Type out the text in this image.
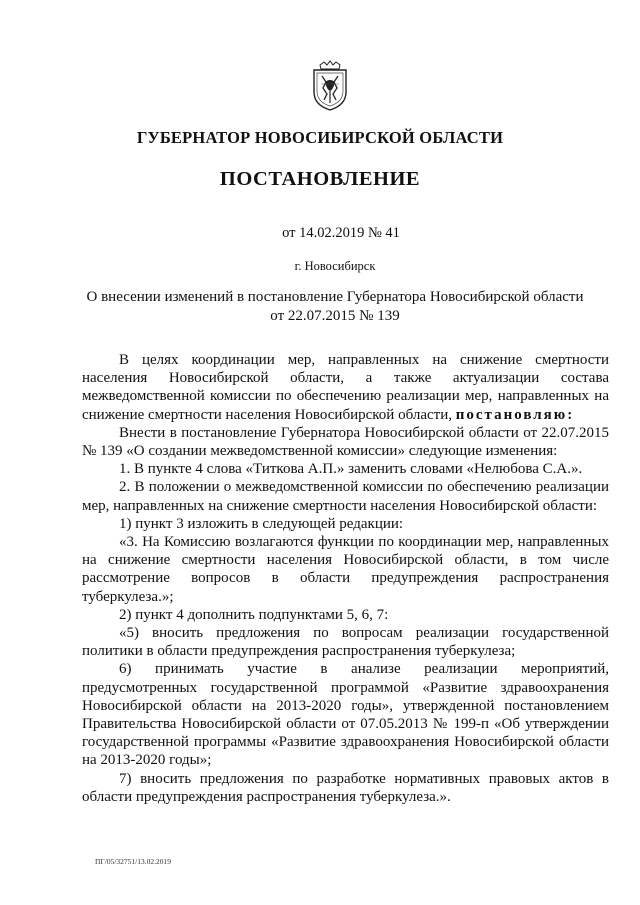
ГУБЕРНАТОР НОВОСИБИРСКОЙ ОБЛАСТИ
ПОСТАНОВЛЕНИЕ
от 14.02.2019 № 41
г. Новосибирск
О внесении изменений в постановление Губернатора Новосибирской области
от 22.07.2015 № 139

В целях координации мер, направленных на снижение смертности населения Новосибирской области, а также актуализации состава межведомственной комиссии по обеспечению реализации мер, направленных на снижение смертности населения Новосибирской области, постановляю:

Внести в постановление Губернатора Новосибирской области от 22.07.2015 № 139 «О создании межведомственной комиссии» следующие изменения:

1. В пункте 4 слова «Титкова А.П.» заменить словами «Нелюбова С.А.».

2. В положении о межведомственной комиссии по обеспечению реализации мер, направленных на снижение смертности населения Новосибирской области:

1) пункт 3 изложить в следующей редакции:

«3. На Комиссию возлагаются функции по координации мер, направленных на снижение смертности населения Новосибирской области, в том числе рассмотрение вопросов в области предупреждения распространения туберкулеза.»;

2) пункт 4 дополнить подпунктами 5, 6, 7:

«5) вносить предложения по вопросам реализации государственной политики в области предупреждения распространения туберкулеза;

6) принимать участие в анализе реализации мероприятий, предусмотренных государственной программой «Развитие здравоохранения Новосибирской области на 2013-2020 годы», утвержденной постановлением Правительства Новосибирской области от 07.05.2013 № 199-п «Об утверждении государственной программы «Развитие здравоохранения Новосибирской области на 2013-2020 годы»;

7) вносить предложения по разработке нормативных правовых актов в области предупреждения распространения туберкулеза.».

ПГ/05/32751/13.02.2019
